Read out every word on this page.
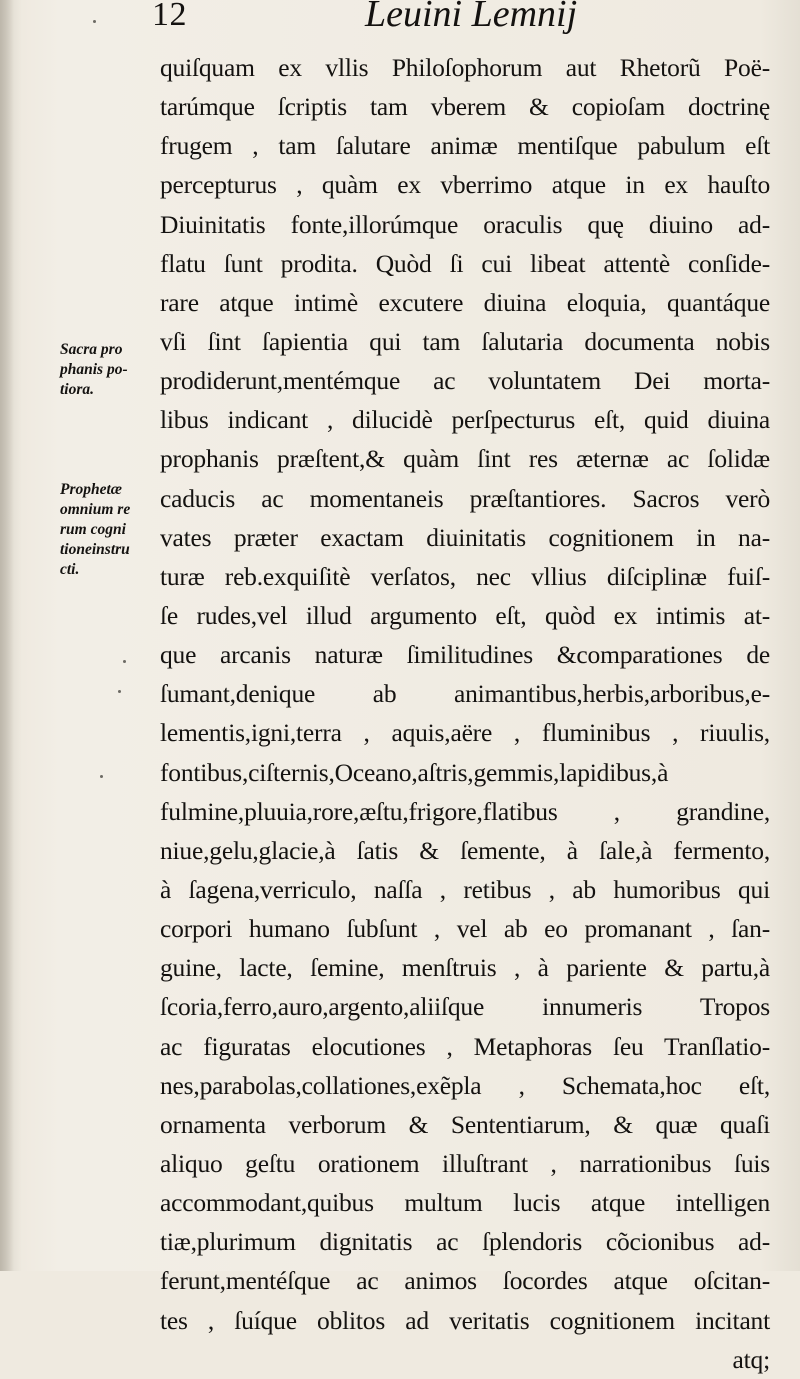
12	Leuini Lemnij
Sacra pro
phanis po-
tiora.
Prophetæ
omnium re
rum cogni
tioneinstru
cti.
quiſquam ex vllis Philoſophorum aut Rhetorũ Poë-
tarúmque ſcriptis tam vberem & copioſam doctrinę
frugem , tam ſalutare animæ mentiſque pabulum eſt
percepturus , quàm ex vberrimo atque in ex hauſto
Diuinitatis fonte,illorúmque oraculis quę diuino ad-
flatu ſunt prodita. Quòd ſi cui libeat attentè conſide-
rare atque intimè excutere diuina eloquia, quantáque
vſi ſint ſapientia qui tam ſalutaria documenta nobis
prodiderunt,mentémque ac voluntatem Dei morta-
libus indicant , dilucidè perſpecturus eſt, quid diuina
prophanis præſtent,& quàm ſint res æternæ ac ſolidæ
caducis ac momentaneis præſtantiores. Sacros verò
vates præter exactam diuinitatis cognitionem in na-
turæ reb.exquiſitè verſatos, nec vllius diſciplinæ fuiſ-
ſe rudes,vel illud argumento eſt, quòd ex intimis at-
que arcanis naturæ ſimilitudines &comparationes de
ſumant,denique ab animantibus,herbis,arboribus,e-
lementis,igni,terra , aquis,aëre , fluminibus , riuulis,
fontibus,ciſternis,Oceano,aſtris,gemmis,lapidibus,à
fulmine,pluuia,rore,æſtu,frigore,flatibus , grandine,
niue,gelu,glacie,à ſatis & ſemente, à ſale,à fermento,
à ſagena,verriculo, naſſa , retibus , ab humoribus qui
corpori humano ſubſunt , vel ab eo promanant , ſan-
guine, lacte, ſemine, menſtruis , à pariente & partu,à
ſcoria,ferro,auro,argento,aliiſque innumeris Tropos
ac figuratas elocutiones , Metaphoras ſeu Tranſlatio-
nes,parabolas,collationes,exẽpla , Schemata,hoc eſt,
ornamenta verborum & Sententiarum, & quæ quaſi
aliquo geſtu orationem illuſtrant , narrationibus ſuis
accommodant,quibus multum lucis atque intelligen
tiæ,plurimum dignitatis ac ſplendoris cõcionibus ad-
ferunt,mentéſque ac animos ſocordes atque oſcitan-
tes , ſuíque oblitos ad veritatis cognitionem incitant
atq;
